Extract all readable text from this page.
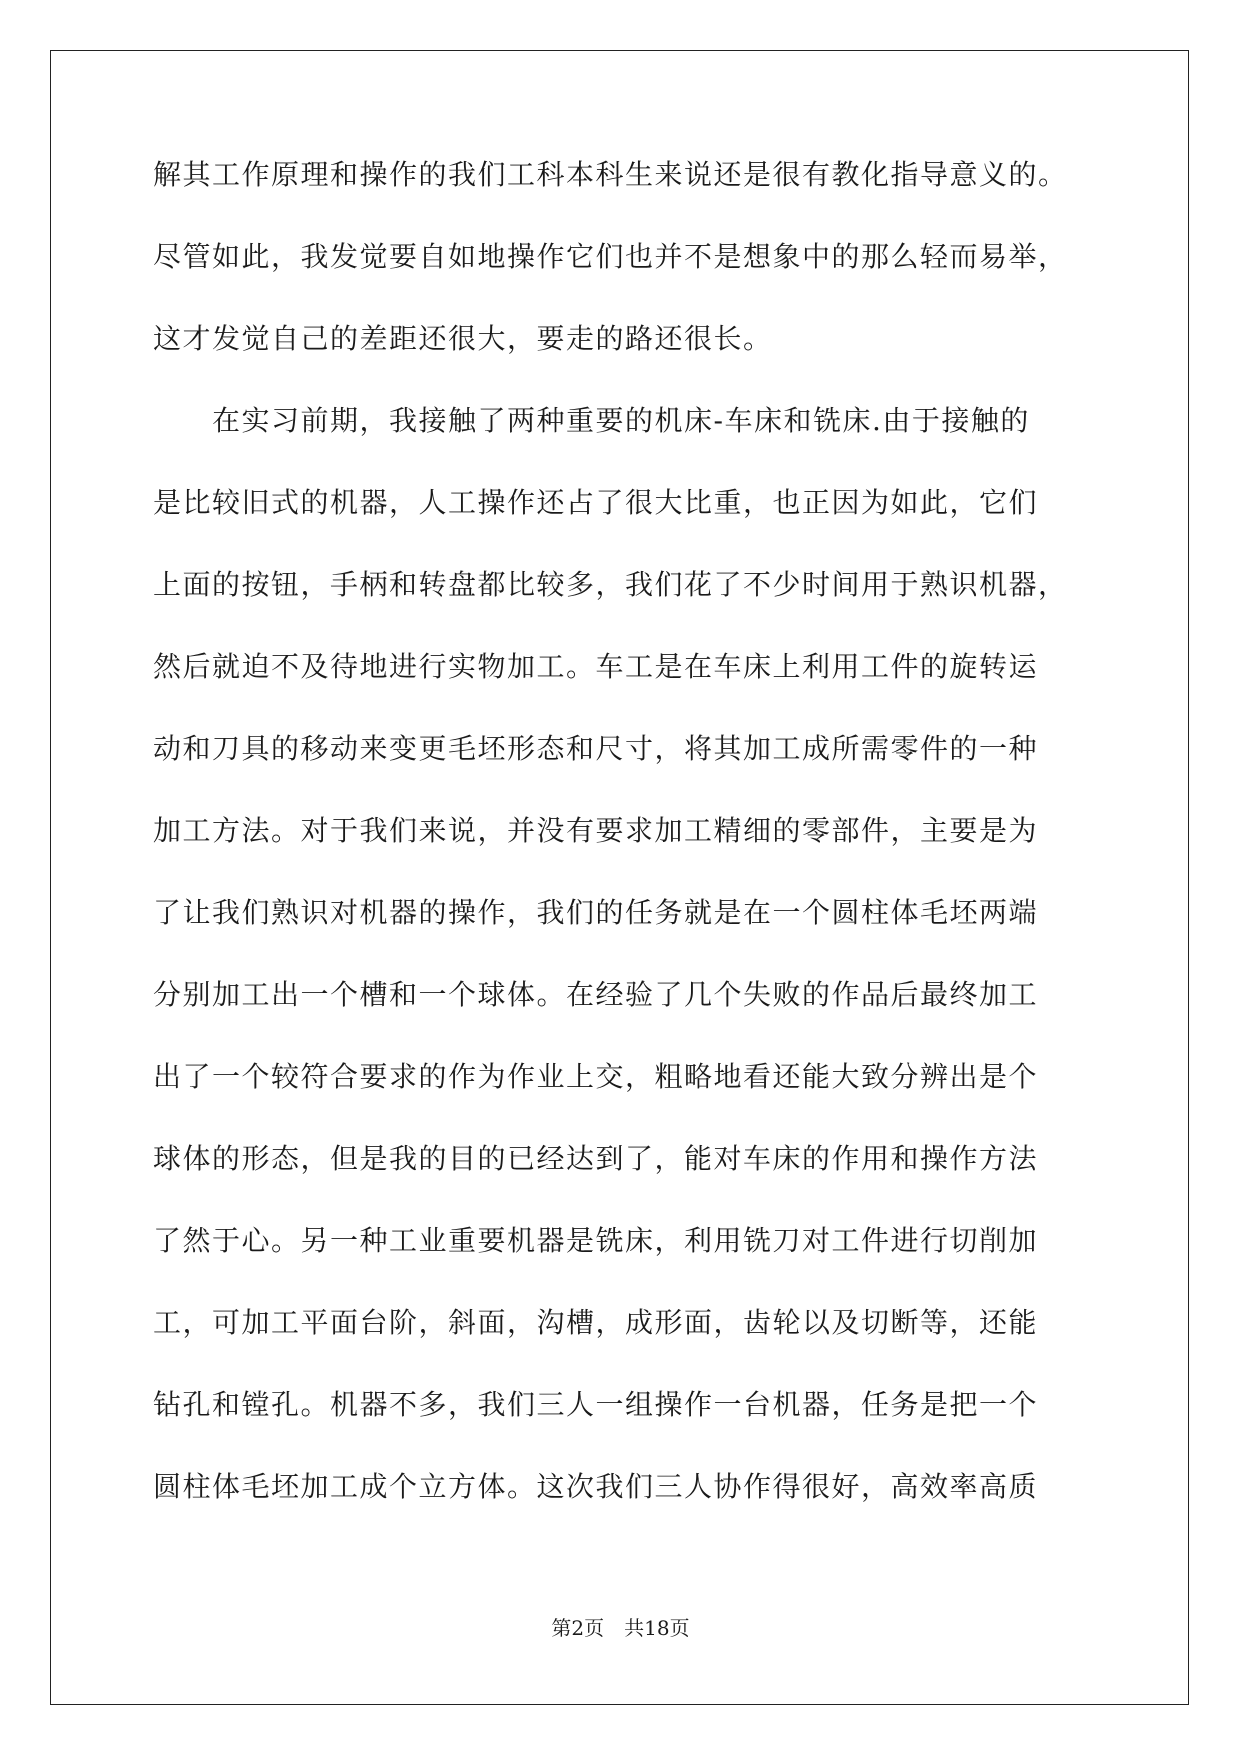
解其工作原理和操作的我们工科本科生来说还是很有教化指导意义的。
尽管如此，我发觉要自如地操作它们也并不是想象中的那么轻而易举，
这才发觉自己的差距还很大，要走的路还很长。
　　在实习前期，我接触了两种重要的机床-车床和铣床.由于接触的
是比较旧式的机器，人工操作还占了很大比重，也正因为如此，它们
上面的按钮，手柄和转盘都比较多，我们花了不少时间用于熟识机器，
然后就迫不及待地进行实物加工。车工是在车床上利用工件的旋转运
动和刀具的移动来变更毛坯形态和尺寸，将其加工成所需零件的一种
加工方法。对于我们来说，并没有要求加工精细的零部件，主要是为
了让我们熟识对机器的操作，我们的任务就是在一个圆柱体毛坯两端
分别加工出一个槽和一个球体。在经验了几个失败的作品后最终加工
出了一个较符合要求的作为作业上交，粗略地看还能大致分辨出是个
球体的形态，但是我的目的已经达到了，能对车床的作用和操作方法
了然于心。另一种工业重要机器是铣床，利用铣刀对工件进行切削加
工，可加工平面台阶，斜面，沟槽，成形面，齿轮以及切断等，还能
钻孔和镗孔。机器不多，我们三人一组操作一台机器，任务是把一个
圆柱体毛坯加工成个立方体。这次我们三人协作得很好，高效率高质
第2页　共18页
